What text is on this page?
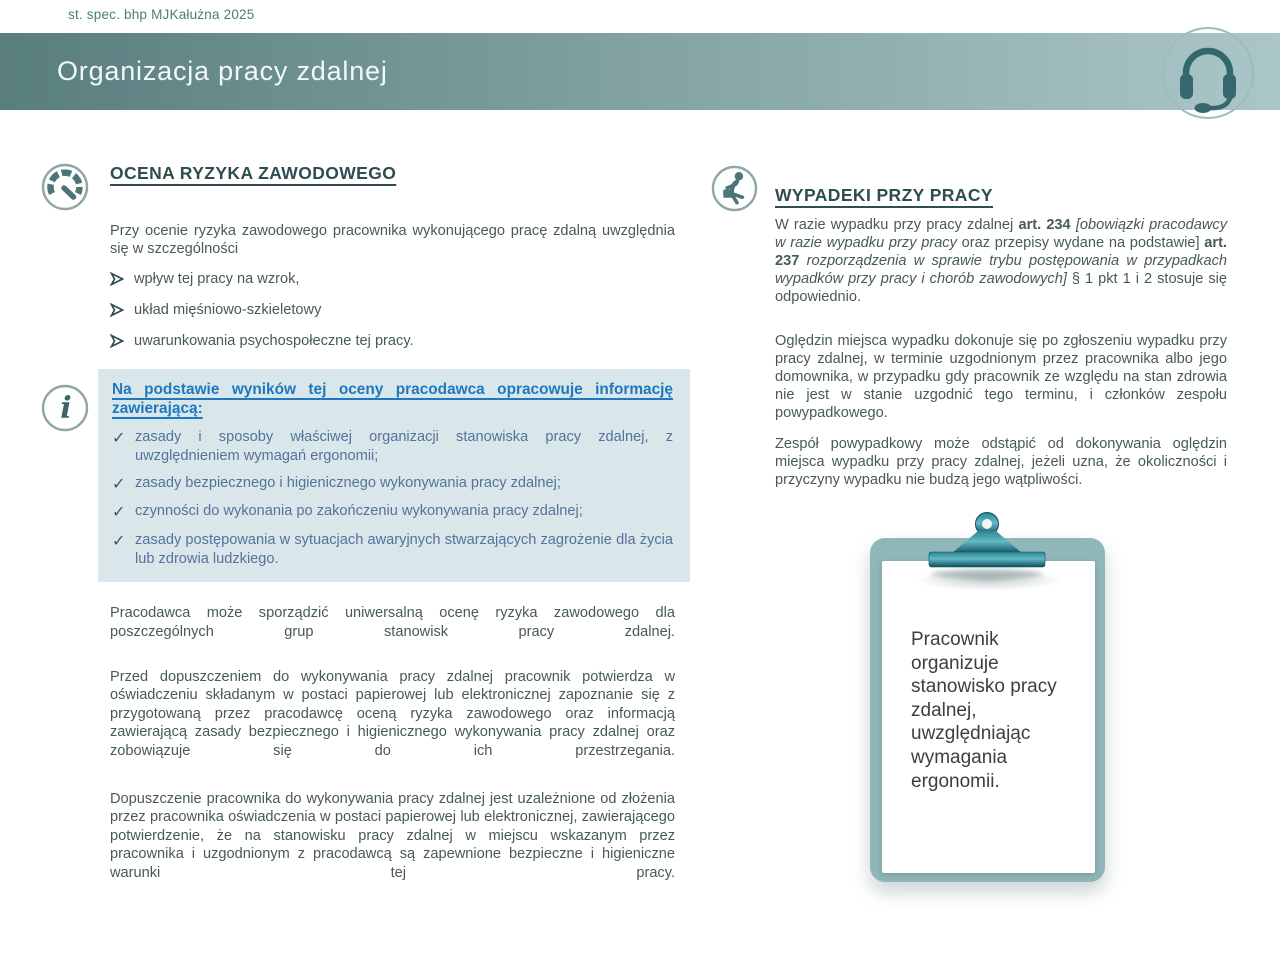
st. spec. bhp MJKałużna 2025
Organizacja pracy zdalnej
OCENA RYZYKA ZAWODOWEGO

Przy ocenie ryzyka zawodowego pracownika wykonującego pracę zdalną uwzględnia się w szczególności

wpływ tej pracy na wzrok,
układ mięśniowo-szkieletowy
uwarunkowania psychospołeczne tej pracy.
Na podstawie wyników tej oceny pracodawca opracowuje informację zawierającą:
✓ zasady i sposoby właściwej organizacji stanowiska pracy zdalnej, z uwzględnieniem wymagań ergonomii;
✓ zasady bezpiecznego i higienicznego wykonywania pracy zdalnej;
✓ czynności do wykonania po zakończeniu wykonywania pracy zdalnej;
✓ zasady postępowania w sytuacjach awaryjnych stwarzających zagrożenie dla życia lub zdrowia ludzkiego.

Pracodawca może sporządzić uniwersalną ocenę ryzyka zawodowego dla poszczególnych grup stanowisk pracy zdalnej.

Przed dopuszczeniem do wykonywania pracy zdalnej pracownik potwierdza w oświadczeniu składanym w postaci papierowej lub elektronicznej zapoznanie się z przygotowaną przez pracodawcę oceną ryzyka zawodowego oraz informacją zawierającą zasady bezpiecznego i higienicznego wykonywania pracy zdalnej oraz zobowiązuje się do ich przestrzegania.

Dopuszczenie pracownika do wykonywania pracy zdalnej jest uzależnione od złożenia przez pracownika oświadczenia w postaci papierowej lub elektronicznej, zawierającego potwierdzenie, że na stanowisku pracy zdalnej w miejscu wskazanym przez pracownika i uzgodnionym z pracodawcą są zapewnione bezpieczne i higieniczne warunki tej pracy.

i
WYPADEKI PRZY PRACY

W razie wypadku przy pracy zdalnej art. 234 [obowiązki pracodawcy w razie wypadku przy pracy oraz przepisy wydane na podstawie] art. 237 rozporządzenia w sprawie trybu postępowania w przypadkach wypadków przy pracy i chorób zawodowych] § 1 pkt 1 i 2 stosuje się odpowiednio.

Oględzin miejsca wypadku dokonuje się po zgłoszeniu wypadku przy pracy zdalnej, w terminie uzgodnionym przez pracownika albo jego domownika, w przypadku gdy pracownik ze względu na stan zdrowia nie jest w stanie uzgodnić tego terminu, i członków zespołu powypadkowego.

Zespół powypadkowy może odstąpić od dokonywania oględzin miejsca wypadku przy pracy zdalnej, jeżeli uzna, że okoliczności i przyczyny wypadku nie budzą jego wątpliwości.

Pracownik organizuje stanowisko pracy zdalnej, uwzględniając wymagania ergonomii.
